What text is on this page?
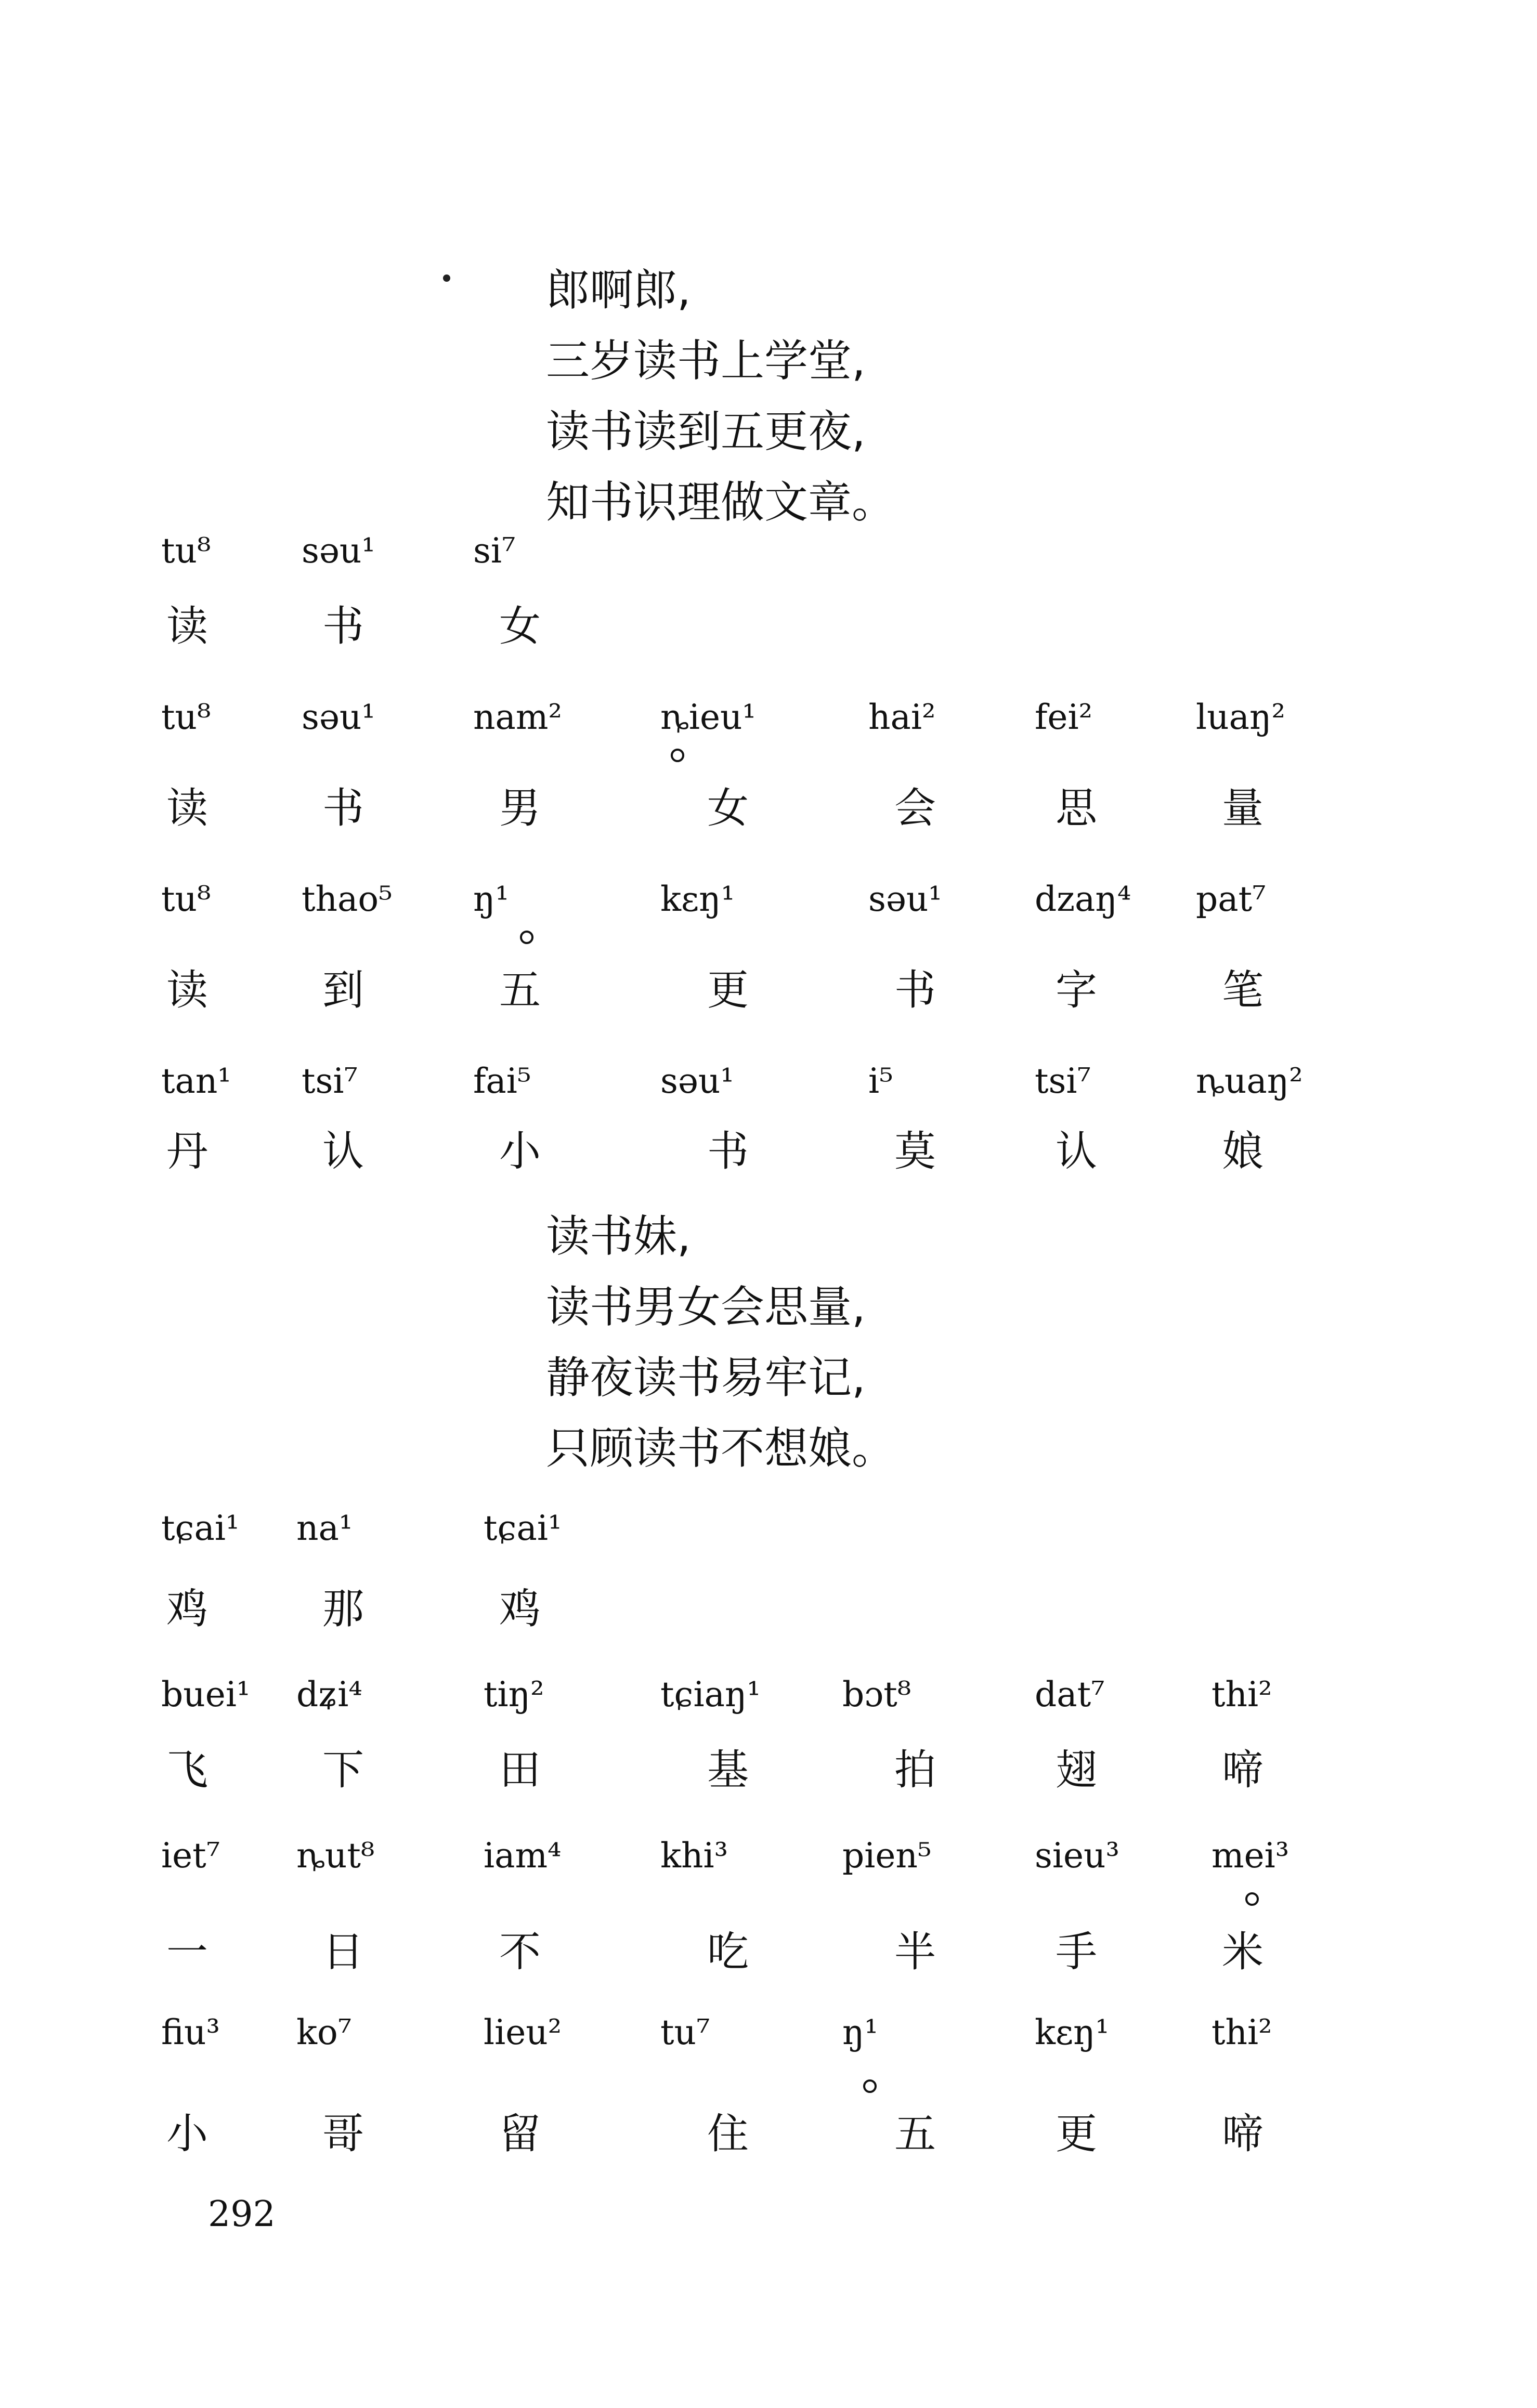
郎啊郎,
三岁读书上学堂,
读书读到五更夜,
知书识理做文章。
tu⁸	səu¹	si⁷
读	书	女
tu⁸	səu¹	nam²	ȵieu¹	hai²	fei²	luaŋ²
读	书	男	女	会	思	量
tu⁸	thao⁵	ŋ¹	kɛŋ¹	səu¹	dzaŋ⁴	pat⁷
读	到	五	更	书	字	笔
tan¹	tsi⁷	fai⁵	səu¹	i⁵	tsi⁷	ȵuaŋ²
丹	认	小	书	莫	认	娘
读书妹,
读书男女会思量,
静夜读书易牢记,
只顾读书不想娘。
tɕai¹	na¹	tɕai¹
鸡	那	鸡
buei¹	dʑi⁴	tiŋ²	tɕiaŋ¹	bɔt⁸	dat⁷	thi²
飞	下	田	基	拍	翅	啼
iet⁷	ȵut⁸	iam⁴	khi³	pien⁵	sieu³	mei³
一	日	不	吃	半	手	米
fiu³	ko⁷	lieu²	tu⁷	ŋ¹	kɛŋ¹	thi²
小	哥	留	住	五	更	啼
292
